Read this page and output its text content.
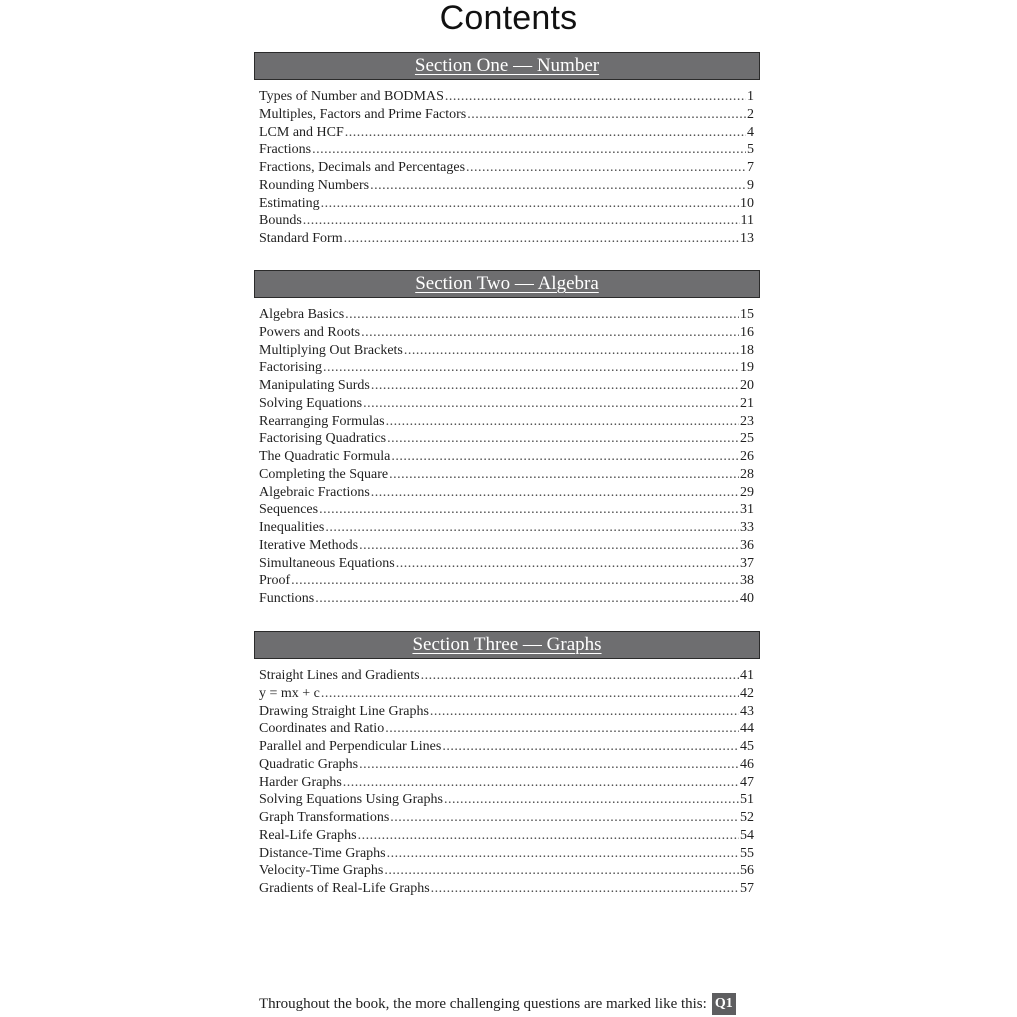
Contents
Section One — Number
Types of Number and BODMAS .....	1
Multiples, Factors and Prime Factors .....	2
LCM and HCF .....	4
Fractions .....	5
Fractions, Decimals and Percentages .....	7
Rounding Numbers .....	9
Estimating .....	10
Bounds .....	11
Standard Form .....	13
Section Two — Algebra
Algebra Basics .....	15
Powers and Roots .....	16
Multiplying Out Brackets .....	18
Factorising .....	19
Manipulating Surds .....	20
Solving Equations .....	21
Rearranging Formulas .....	23
Factorising Quadratics .....	25
The Quadratic Formula .....	26
Completing the Square .....	28
Algebraic Fractions .....	29
Sequences .....	31
Inequalities .....	33
Iterative Methods .....	36
Simultaneous Equations .....	37
Proof .....	38
Functions .....	40
Section Three — Graphs
Straight Lines and Gradients .....	41
y = mx + c .....	42
Drawing Straight Line Graphs .....	43
Coordinates and Ratio .....	44
Parallel and Perpendicular Lines .....	45
Quadratic Graphs .....	46
Harder Graphs .....	47
Solving Equations Using Graphs .....	51
Graph Transformations .....	52
Real-Life Graphs .....	54
Distance-Time Graphs .....	55
Velocity-Time Graphs .....	56
Gradients of Real-Life Graphs .....	57
Throughout the book, the more challenging questions are marked like this: Q1
